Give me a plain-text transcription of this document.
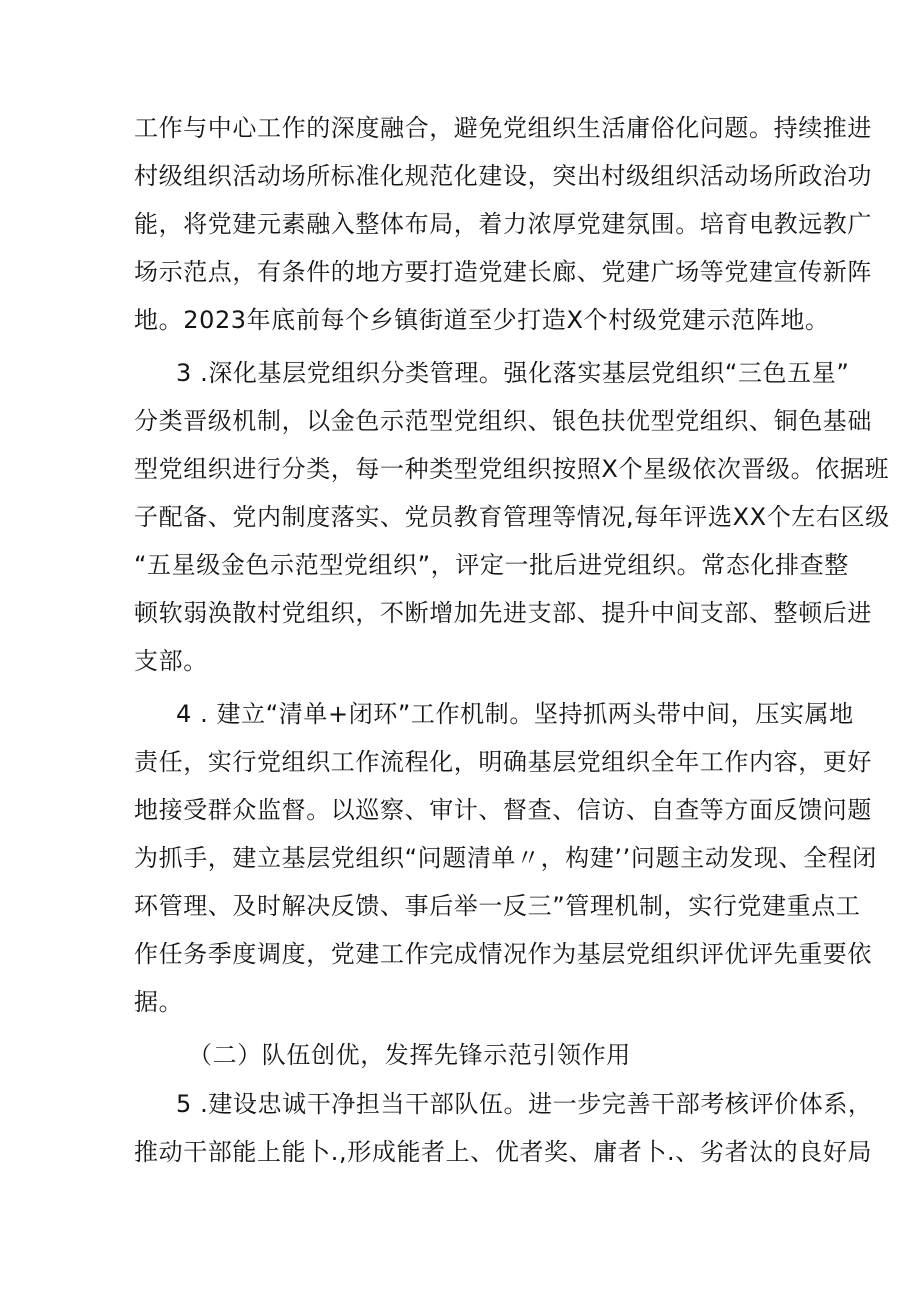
工作与中心工作的深度融合，避免党组织生活庸俗化问题。持续推进
村级组织活动场所标准化规范化建设，突出村级组织活动场所政治功
能，将党建元素融入整体布局，着力浓厚党建氛围。培育电教远教广
场示范点，有条件的地方要打造党建长廊、党建广场等党建宣传新阵
地。2023年底前每个乡镇街道至少打造X个村级党建示范阵地。
3 .深化基层党组织分类管理。强化落实基层党组织“三色五星”
分类晋级机制，以金色示范型党组织、银色扶优型党组织、铜色基础
型党组织进行分类，每一种类型党组织按照X个星级依次晋级。依据班
子配备、党内制度落实、党员教育管理等情况,每年评选XX个左右区级
“五星级金色示范型党组织”，评定一批后进党组织。常态化排查整
顿软弱涣散村党组织，不断增加先进支部、提升中间支部、整顿后进
支部。
4 . 建立“清单+闭环”工作机制。坚持抓两头带中间，压实属地
责任，实行党组织工作流程化，明确基层党组织全年工作内容，更好
地接受群众监督。以巡察、审计、督查、信访、自查等方面反馈问题
为抓手，建立基层党组织“问题清单〃，构建’’问题主动发现、全程闭
环管理、及时解决反馈、事后举一反三”管理机制，实行党建重点工
作任务季度调度，党建工作完成情况作为基层党组织评优评先重要依
据。
（二）队伍创优，发挥先锋示范引领作用
5 .建设忠诚干净担当干部队伍。进一步完善干部考核评价体系，
推动干部能上能卜.,形成能者上、优者奖、庸者卜.、劣者汰的良好局
